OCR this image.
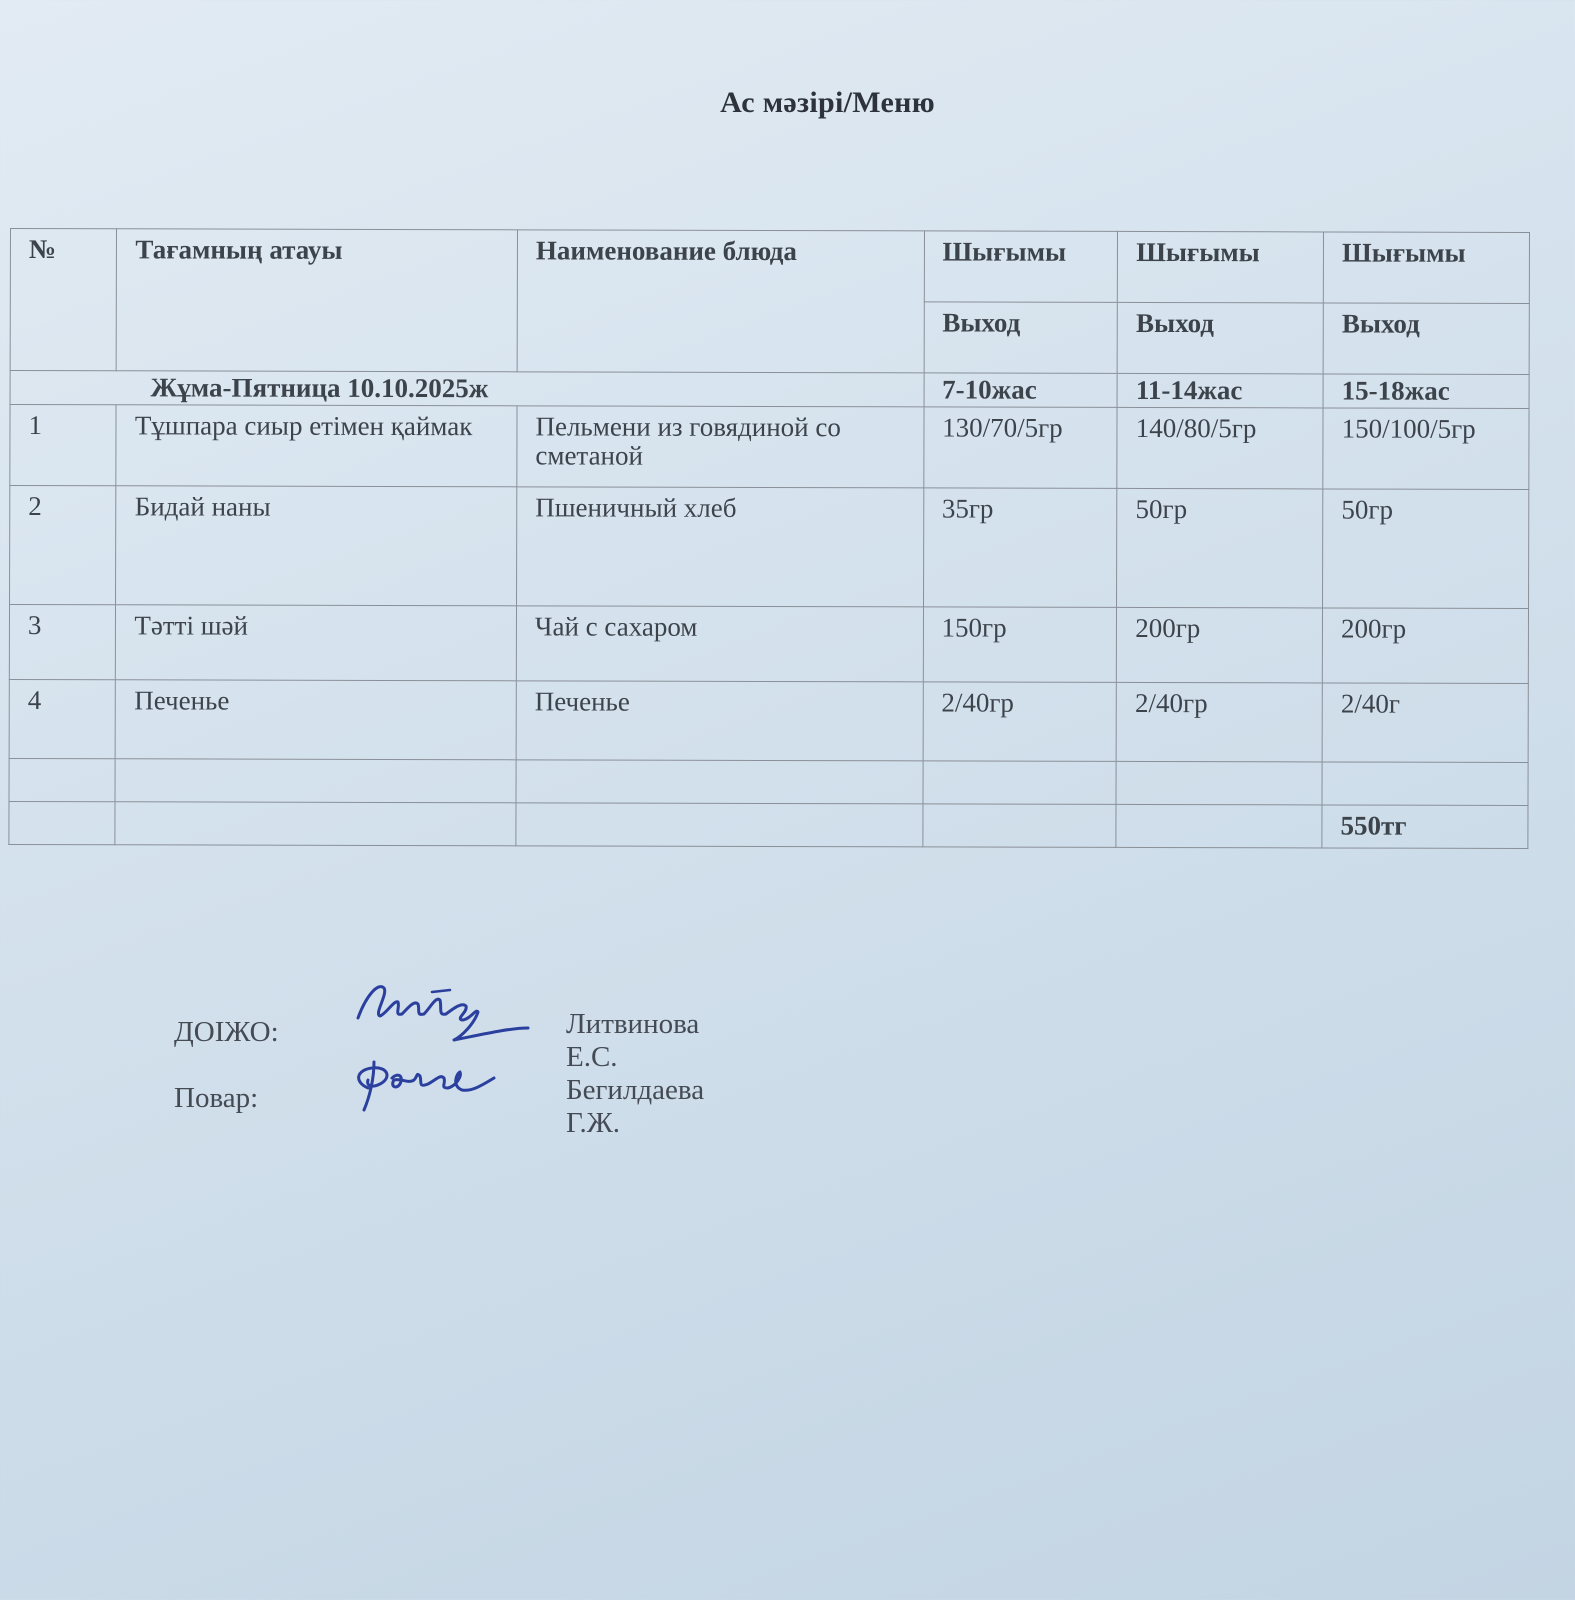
Ас мәзірі/Меню
№	Тағамның атауы	Наименование блюда	Шығымы	Шығымы	Шығымы
			Выход	Выход	Выход
Жұма-Пятница 10.10.2025ж			7-10жас	11-14жас	15-18жас
1	Тұшпара сиыр етімен қаймак	Пельмени из говядиной со сметаной	130/70/5гр	140/80/5гр	150/100/5гр
2	Бидай наны	Пшеничный хлеб	35гр	50гр	50гр
3	Тәтті шәй	Чай с сахаром	150гр	200гр	200гр
4	Печенье	Печенье	2/40гр	2/40гр	2/40г

					550тг
ДОІЖО:	Литвинова Е.С.
Повар:	Бегилдаева Г.Ж.
